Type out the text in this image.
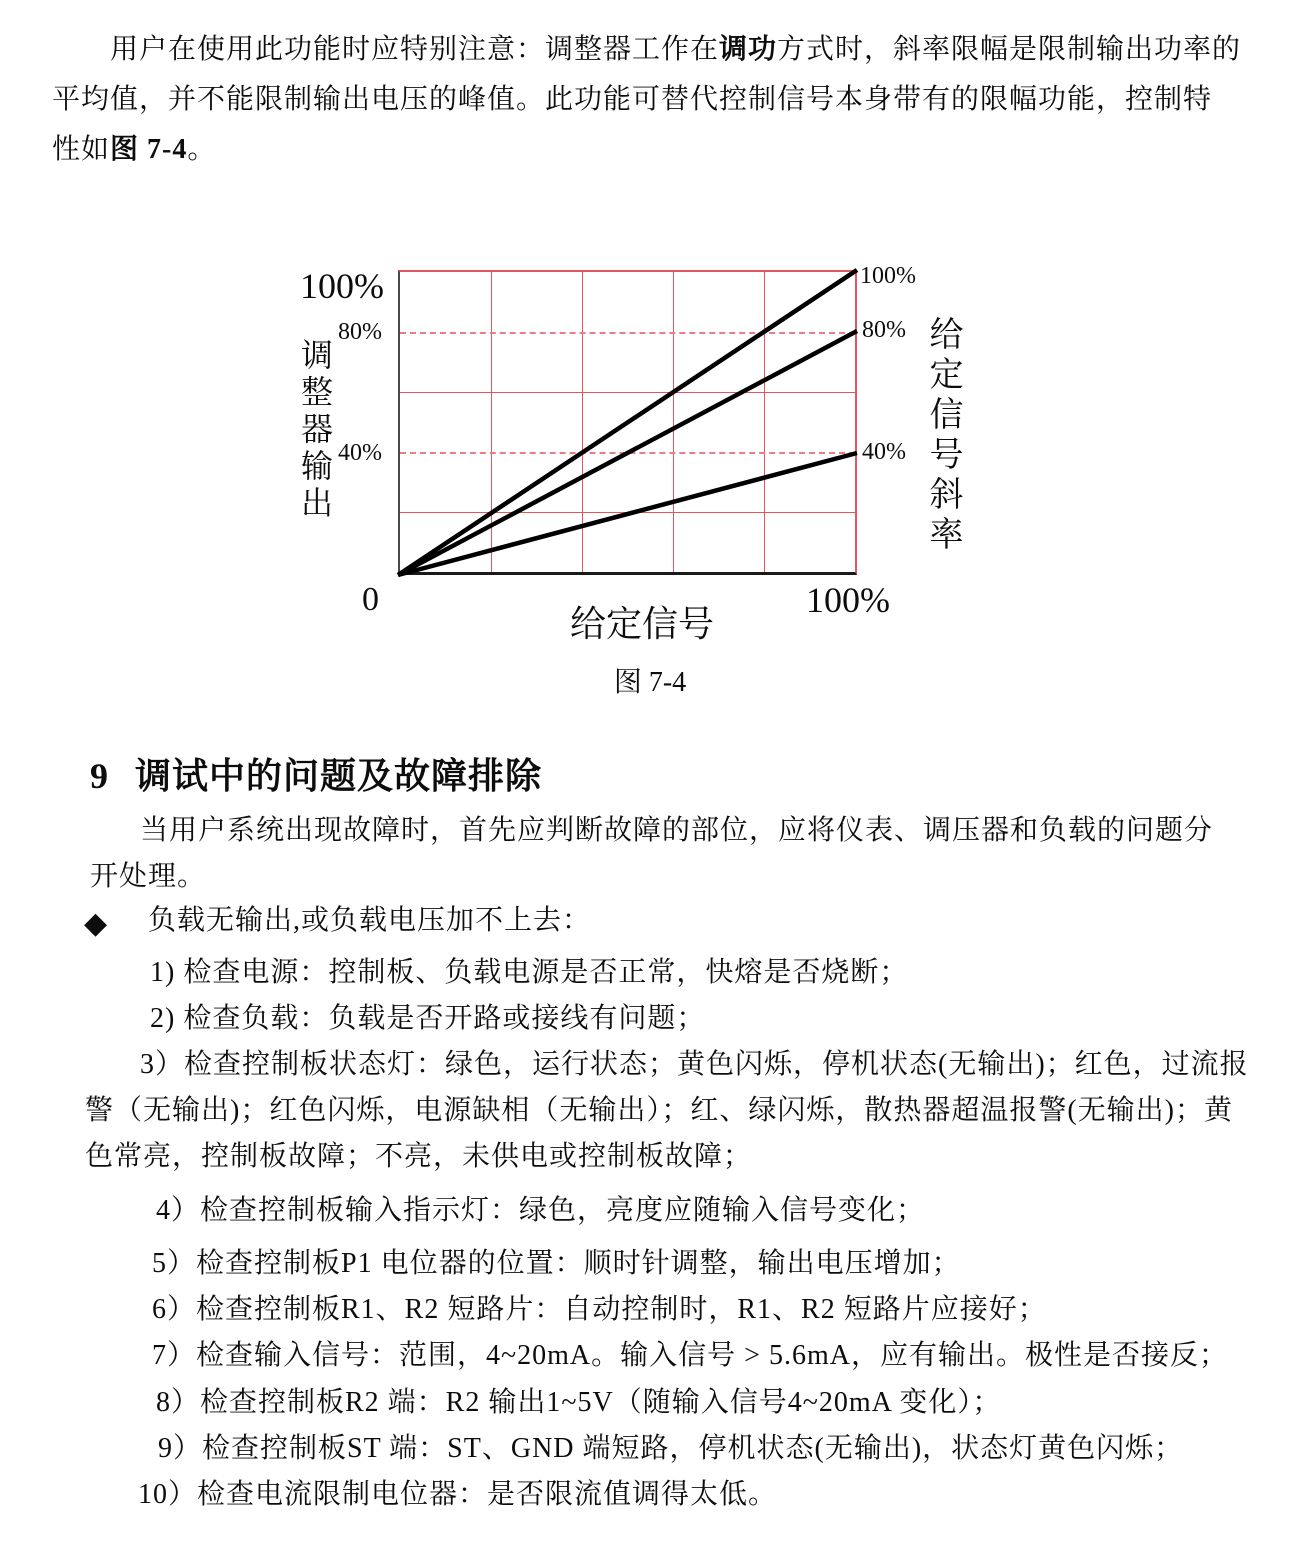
用户在使用此功能时应特别注意：调整器工作在调功方式时，斜率限幅是限制输出功率的
平均值，并不能限制输出电压的峰值。此功能可替代控制信号本身带有的限幅功能，控制特
性如图 7-4。
100%
80%
调整器输出 40%
0
给定信号
100%
100%
80%
40% 给定信号斜率
图 7-4
9 调试中的问题及故障排除
当用户系统出现故障时，首先应判断故障的部位，应将仪表、调压器和负载的问题分
开处理。
◆ 负载无输出,或负载电压加不上去：
1) 检查电源：控制板、负载电源是否正常，快熔是否烧断；
2) 检查负载：负载是否开路或接线有问题；
3）检查控制板状态灯：绿色，运行状态；黄色闪烁，停机状态(无输出)；红色，过流报
警（无输出)；红色闪烁，电源缺相（无输出）；红、绿闪烁，散热器超温报警(无输出)；黄
色常亮，控制板故障；不亮，未供电或控制板故障；
4）检查控制板输入指示灯：绿色，亮度应随输入信号变化；
5）检查控制板P1 电位器的位置：顺时针调整，输出电压增加；
6）检查控制板R1、R2 短路片：自动控制时，R1、R2 短路片应接好；
7）检查输入信号：范围，4~20mA。输入信号 > 5.6mA，应有输出。极性是否接反；
8）检查控制板R2 端：R2 输出1~5V（随输入信号4~20mA 变化）；
9）检查控制板ST 端：ST、GND 端短路，停机状态(无输出)，状态灯黄色闪烁；
10）检查电流限制电位器：是否限流值调得太低。
